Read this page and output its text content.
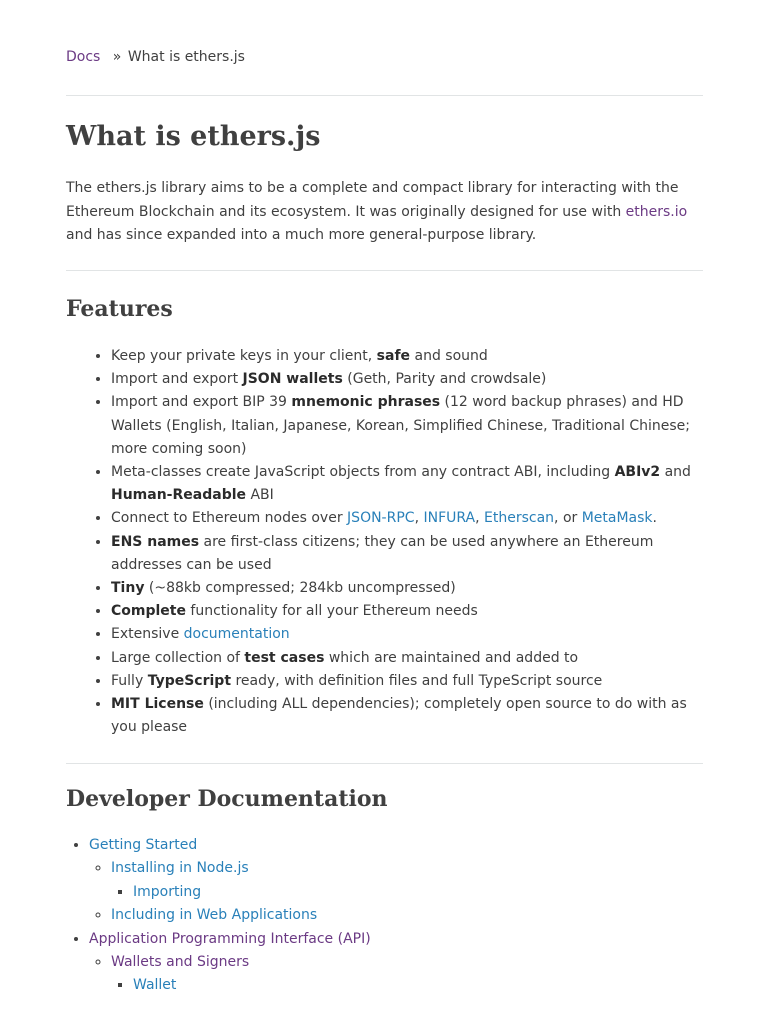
Docs » What is ethers.js
What is ethers.js

The ethers.js library aims to be a complete and compact library for interacting with the Ethereum Blockchain and its ecosystem. It was originally designed for use with ethers.io and has since expanded into a much more general-purpose library.

Features
• Keep your private keys in your client, safe and sound
• Import and export JSON wallets (Geth, Parity and crowdsale)
• Import and export BIP 39 mnemonic phrases (12 word backup phrases) and HD Wallets (English, Italian, Japanese, Korean, Simplified Chinese, Traditional Chinese; more coming soon)
• Meta-classes create JavaScript objects from any contract ABI, including ABIv2 and Human-Readable ABI
• Connect to Ethereum nodes over JSON-RPC, INFURA, Etherscan, or MetaMask.
• ENS names are first-class citizens; they can be used anywhere an Ethereum addresses can be used
• Tiny (~88kb compressed; 284kb uncompressed)
• Complete functionality for all your Ethereum needs
• Extensive documentation
• Large collection of test cases which are maintained and added to
• Fully TypeScript ready, with definition files and full TypeScript source
• MIT License (including ALL dependencies); completely open source to do with as you please
Developer Documentation
• Getting Started
◦ Installing in Node.js
▪ Importing
◦ Including in Web Applications
• Application Programming Interface (API)
◦ Wallets and Signers
▪ Wallet
